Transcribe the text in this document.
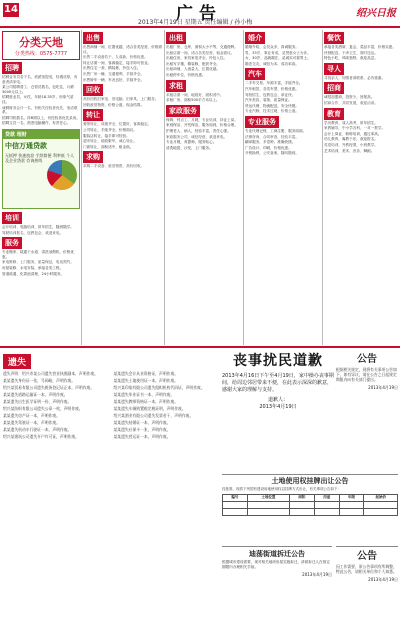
14	广告
2013年4月19日 星期五 责任编辑 / 孙小梅
绍兴日报
分类天地
分类热线：0575-7777
招聘
招聘业务员若干名，底薪加提成，待遇优厚，有意者请来电。
某公司招聘普工、仓管员数名，包吃住，月薪3000元以上。
招聘营业员，女性，年龄18-35岁，形象气质佳。
诚聘财务会计一名，有相关经验者优先，电话联系。
招聘司机数名，持B照以上，有经验者优先录用。
招聘文员一名，熟悉电脑操作，有责任心。
贷款 理财
中信万通贷款
无抵押 快速放款 手续简便 利率低 个人及企业贷款 咨询热线
培训
会计培训、电脑培训，常年招生，随到随学。
驾驶培训报名，包教包会，欢迎来电。
服务
专业搬家、疏通下水道、清洗油烟机，价格优惠。
家电维修、上门服务，质量保证，电话预约。
房屋装修、水电安装，承接各类工程。
管道疏通、化粪池清理，24小时服务。
出售
出售商铺一间，位置优越，适合各类经营，价格面议。
出售二手设备若干，九成新，价格优惠。
转让店面一间，客源稳定，接手即可营业。
出售住宅一套，精装修，拎包入住。
出售厂房一幢，交通便利，手续齐全。
出售轿车一辆，车况良好，手续齐全。
回收
高价回收旧家电、旧电脑、旧家具，上门服务。
回收废旧物资，价格公道，现金结算。
转让
餐馆转让，设施齐全，位置好，客源稳定。
公司转让，手续齐全，价格面议。
服装店转让，接手即可经营。
超市转让，地段繁华，诚心转让。
门面转让，面积适中，租金低。
求购
求购二手设备、废旧物资，高价回收。
出租
出租厂房、仓库，面积大小不等，交通便利。
出租店面一间，适合各类经营，租金面议。
出租住房，家具家电齐全，拎包入住。
出租写字楼，精装修，配套齐全。
出租商铺，人流量大，位置优越。
出租停车位，价格优惠。
求租
求租店面一间，地段好，面积适中。
求租厂房，面积500平方米以上。
家政服务
保姆、钟点工、月嫂，专业培训，持证上岗。
家庭保洁、开荒保洁，服务周到，价格合理。
护理老人、病人，经验丰富，责任心强。
家政服务公司，诚信经营，欢迎来电。
专业月嫂，育婴师，服务贴心。
清洗地毯、沙发，上门服务。
婚介
婚姻介绍，会员众多，真诚服务。
男，35岁，事业有成，觅贤惠女士为伴。
女，30岁，品貌端庄，觅诚实可靠男士。
婚恋交友，诚信为本，成功率高。
汽车
二手车交易，车源丰富，手续齐全。
汽车租赁，各类车型，价格优惠。
驾校招生，包教包会，拿证快。
汽车美容、装饰，质量保证。
货运代理、物流配送，安全快捷。
专业汽修，技术过硬，价格公道。
专业服务
专业代理记账、工商注册，服务周到。
法律咨询、合同审查，经验丰富。
翻译服务，多语种，准确快捷。
广告设计、印刷，价格优惠。
开锁换锁，公安备案，随叫随到。
餐饮
承接各类酒席、宴会，菜品丰富，价格实惠。
快餐配送，干净卫生，准时送达。
特色小吃，风味独特，欢迎品尝。
寻人
寻找亲人，知情者请联系，必有重谢。
招商
诚招加盟商，投资少，回报高。
招商合作，共同发展，欢迎洽谈。
教育
学历教育、成人高考，常年招生。
家教辅导，中小学各科，一对一教学。
会计上岗证、职称培训，通过率高。
幼儿教育，寓教于乐，欢迎报名。
英语培训，外教授课，小班教学。
艺术培训，美术、音乐、舞蹈。
遗失
遗失声明：绍兴市某公司遗失营业执照副本，声明作废。
某某遗失身份证一张，号码略，声明作废。
绍兴某贸易有限公司遗失税务登记证正本，声明作废。
某某遗失道路运输证一本，声明作废。
某某遗失出生医学证明一份，声明作废。
绍兴某纺织有限公司遗失公章一枚，声明作废。
某某遗失房产证一本，声明作废。
某某遗失驾驶证一本，声明作废。
某某遗失机动车行驶证一本，声明作废。
绍兴某建筑公司遗失开户许可证，声明作废。
某某遗失会计从业资格证，声明作废。
某某遗失土地使用证一本，声明作废。
绍兴某印染有限公司遗失组织机构代码证，声明作废。
某某遗失毕业证书一本，声明作废。
某某遗失教师资格证一本，声明作废。
某某遗失车辆购置税完税证明，声明作废。
绍兴某酒业有限公司遗失发票若干，声明作废。
某某遗失结婚证一本，声明作废。
某某遗失社保卡一张，声明作废。
某某遗失营运证一本，声明作废。
丧事扰民道歉
2013年4月16日下午至4月19日，家中操办丧事期间，给周边邻居带来不便，在此表示深深的歉意，感谢大家的理解与支持。
道歉人：
2013年4月19日
公告
根据相关规定，现将有关事项公告如下，如有异议，请在公告之日起规定期限内向有关部门提出。
2013年4月19日
土地使用权挂牌出让公告
经批准，现将下列国有建设用地使用权以挂牌方式出让，有关事项公告如下：
编号	土地位置	面积	用途	年限	起始价

迪荡街道拆迁公告
根据城市建设需要，现对相关地块房屋实施拆迁，请被拆迁人在规定期限内办理相关手续。
2013年4月19日
公告
因工作需要，原公告事项有所调整，特此公告，请相关单位和个人知悉。
2013年4月19日
